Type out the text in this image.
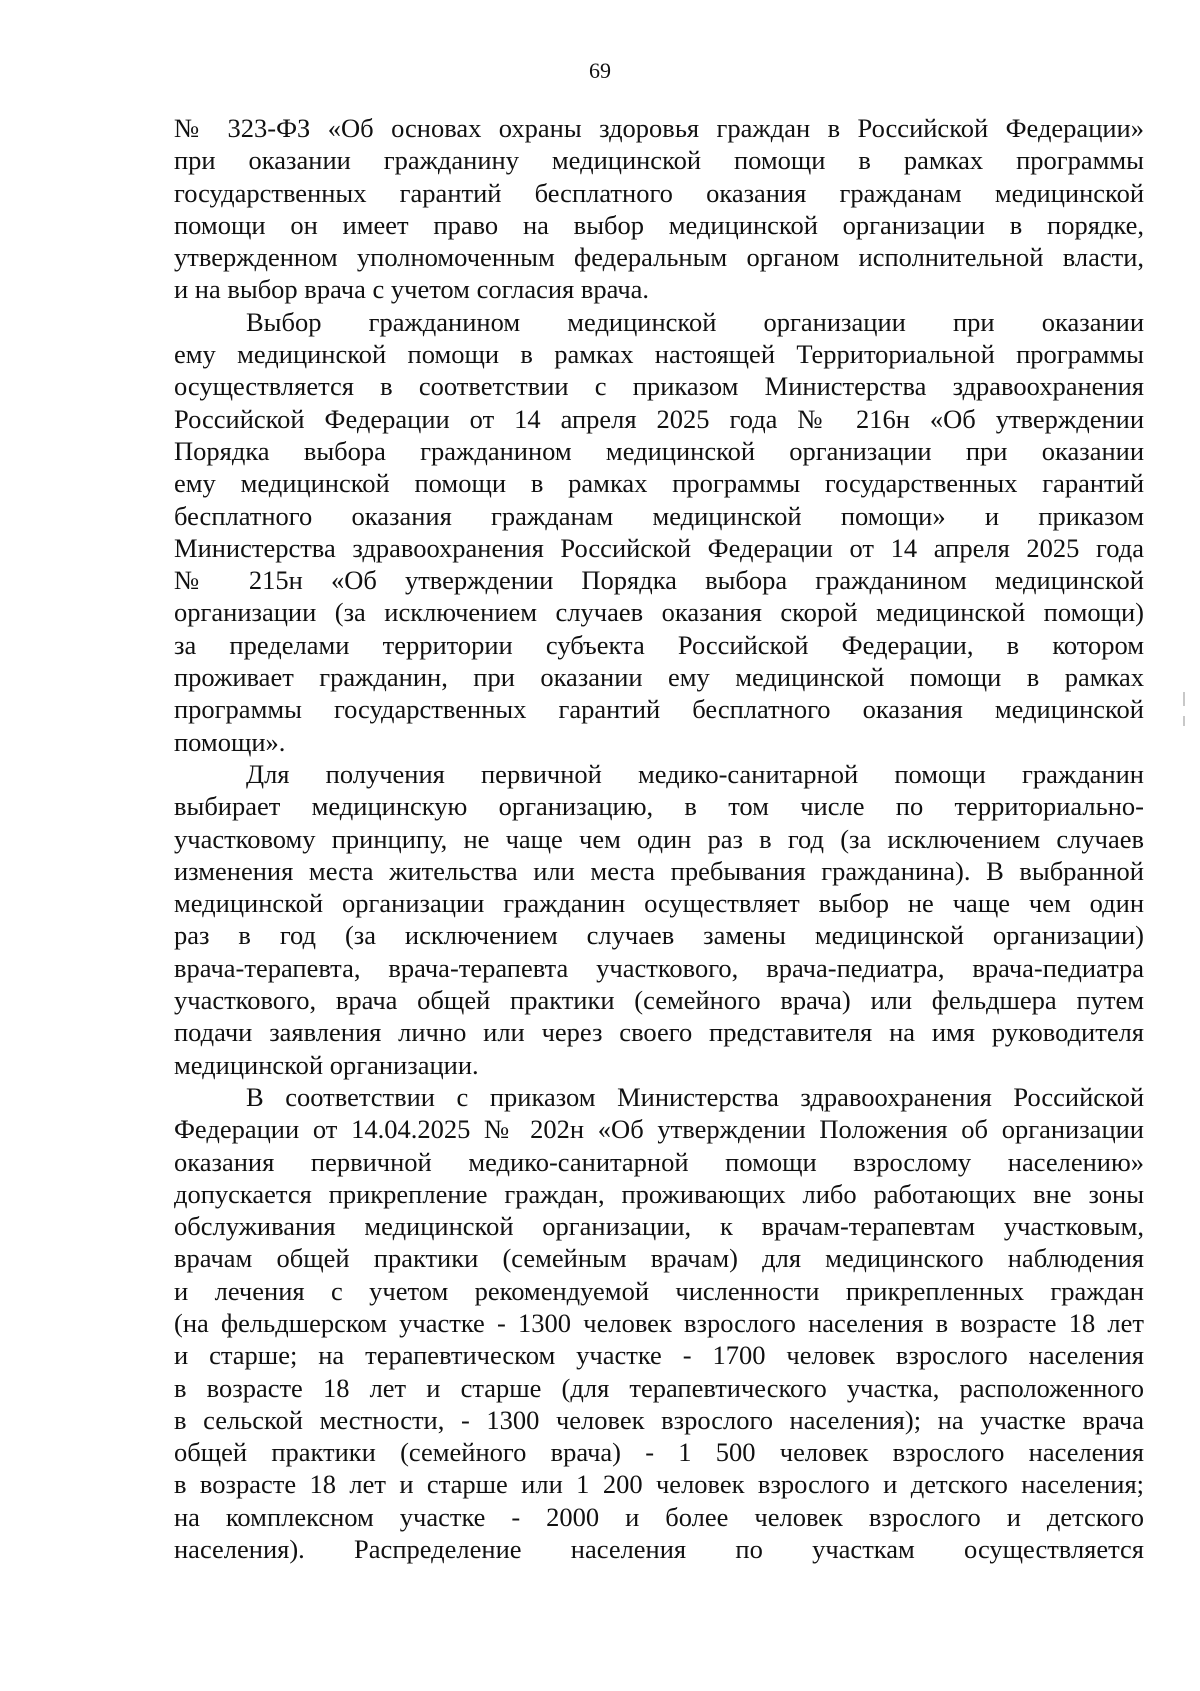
69
№ 323-ФЗ «Об основах охраны здоровья граждан в Российской Федерации»
при оказании гражданину медицинской помощи в рамках программы
государственных гарантий бесплатного оказания гражданам медицинской
помощи он имеет право на выбор медицинской организации в порядке,
утвержденном уполномоченным федеральным органом исполнительной власти,
и на выбор врача с учетом согласия врача.
Выбор гражданином медицинской организации при оказании
ему медицинской помощи в рамках настоящей Территориальной программы
осуществляется в соответствии с приказом Министерства здравоохранения
Российской Федерации от 14 апреля 2025 года № 216н «Об утверждении
Порядка выбора гражданином медицинской организации при оказании
ему медицинской помощи в рамках программы государственных гарантий
бесплатного оказания гражданам медицинской помощи» и приказом
Министерства здравоохранения Российской Федерации от 14 апреля 2025 года
№ 215н «Об утверждении Порядка выбора гражданином медицинской
организации (за исключением случаев оказания скорой медицинской помощи)
за пределами территории субъекта Российской Федерации, в котором
проживает гражданин, при оказании ему медицинской помощи в рамках
программы государственных гарантий бесплатного оказания медицинской
помощи».
Для получения первичной медико-санитарной помощи гражданин
выбирает медицинскую организацию, в том числе по территориально-
участковому принципу, не чаще чем один раз в год (за исключением случаев
изменения места жительства или места пребывания гражданина). В выбранной
медицинской организации гражданин осуществляет выбор не чаще чем один
раз в год (за исключением случаев замены медицинской организации)
врача-терапевта, врача-терапевта участкового, врача-педиатра, врача-педиатра
участкового, врача общей практики (семейного врача) или фельдшера путем
подачи заявления лично или через своего представителя на имя руководителя
медицинской организации.
В соответствии с приказом Министерства здравоохранения Российской
Федерации от 14.04.2025 № 202н «Об утверждении Положения об организации
оказания первичной медико-санитарной помощи взрослому населению»
допускается прикрепление граждан, проживающих либо работающих вне зоны
обслуживания медицинской организации, к врачам-терапевтам участковым,
врачам общей практики (семейным врачам) для медицинского наблюдения
и лечения с учетом рекомендуемой численности прикрепленных граждан
(на фельдшерском участке - 1300 человек взрослого населения в возрасте 18 лет
и старше; на терапевтическом участке - 1700 человек взрослого населения
в возрасте 18 лет и старше (для терапевтического участка, расположенного
в сельской местности, - 1300 человек взрослого населения); на участке врача
общей практики (семейного врача) - 1 500 человек взрослого населения
в возрасте 18 лет и старше или 1 200 человек взрослого и детского населения;
на комплексном участке - 2000 и более человек взрослого и детского
населения). Распределение населения по участкам осуществляется
